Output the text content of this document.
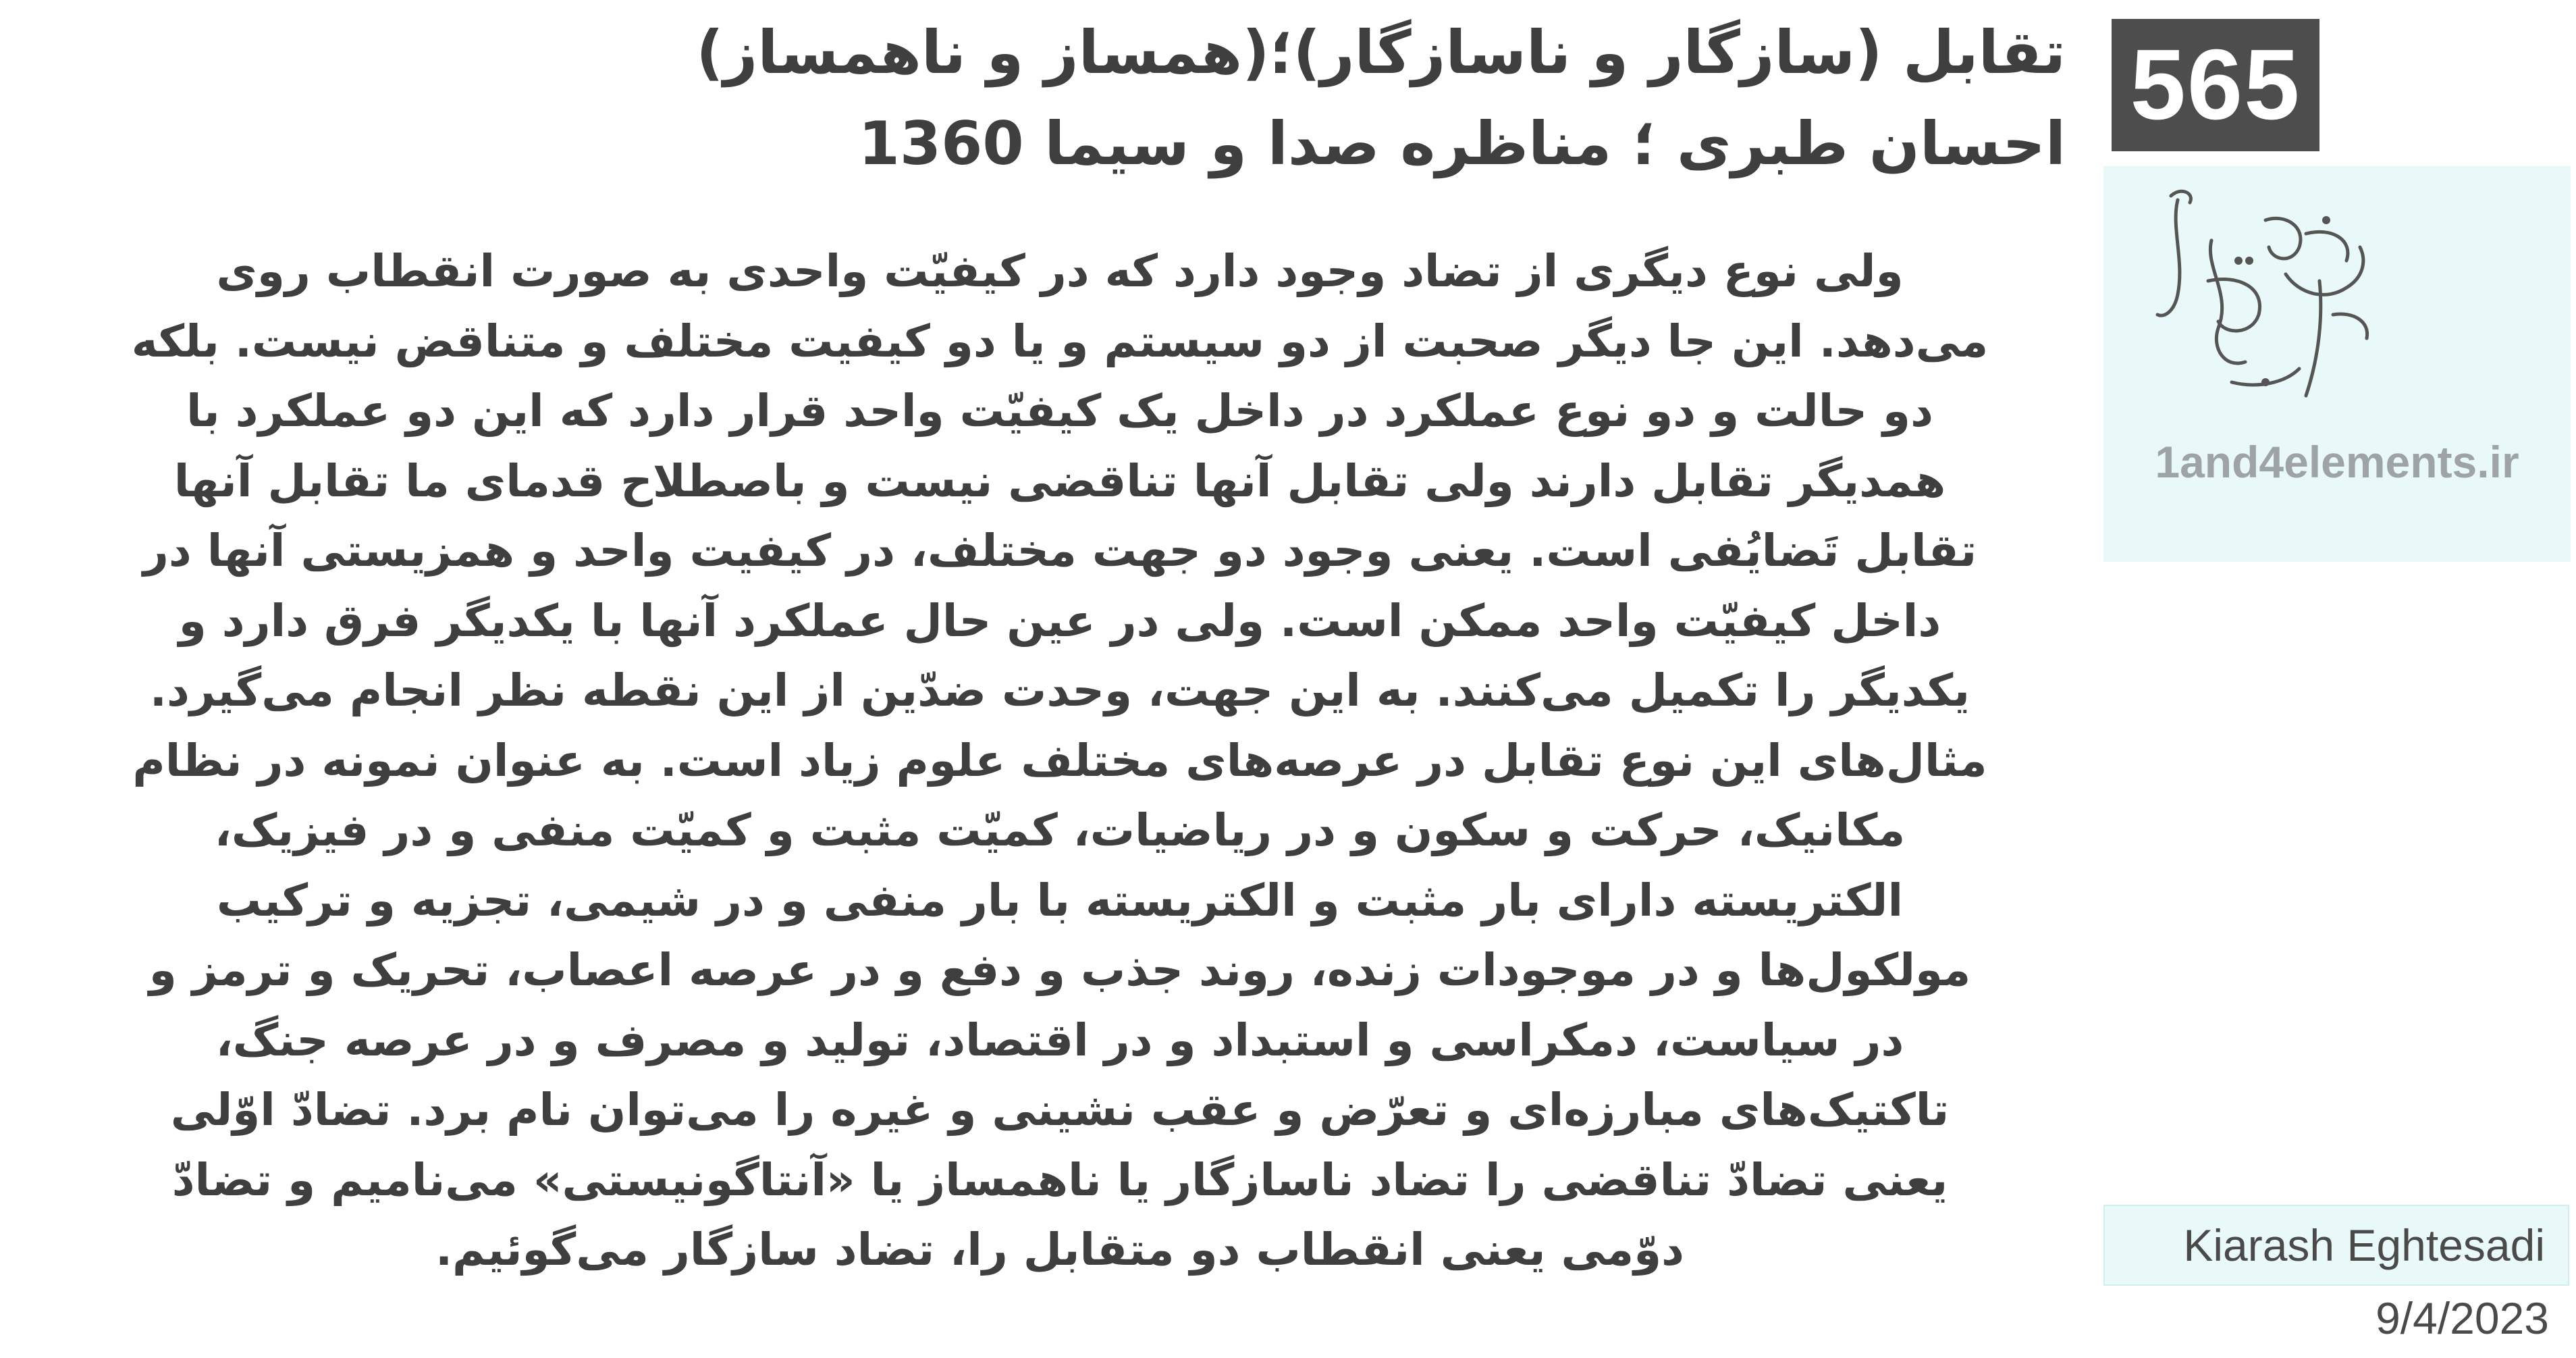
تقابل (سازگار و ناسازگار)؛(همساز و ناهمساز)
احسان طبری ؛ مناظره صدا و سیما 1360
565
1and4elements.ir
ولی نوع دیگری از تضاد وجود دارد که در کیفیّت واحدی به صورت انقطاب روی می‌دهد. این جا دیگر صحبت از دو سیستم و یا دو کیفیت مختلف و متناقض نیست. بلکه دو حالت و دو نوع عملکرد در داخل یک کیفیّت واحد قرار دارد که این دو عملکرد با همدیگر تقابل دارند ولی تقابل آنها تناقضی نیست و باصطلاح قدمای ما تقابل آنها تقابل تَضایُفی است. یعنی وجود دو جهت مختلف، در کیفیت واحد و همزیستی آنها در داخل کیفیّت واحد ممکن است. ولی در عین حال عملکرد آنها با یکدیگر فرق دارد و یکدیگر را تکمیل می‌کنند. به این جهت، وحدت ضدّین از این نقطه نظر انجام می‌گیرد. مثال‌های این نوع تقابل در عرصه‌های مختلف علوم زیاد است. به عنوان نمونه در نظام مکانیک، حرکت و سکون و در ریاضیات، کمیّت مثبت و کمیّت منفی و در فیزیک، الکتریسته دارای بار مثبت و الکتریسته با بار منفی و در شیمی، تجزیه و ترکیب مولکول‌ها و در موجودات زنده، روند جذب و دفع و در عرصه اعصاب، تحریک و ترمز و در سیاست، دمکراسی و استبداد و در اقتصاد، تولید و مصرف و در عرصه جنگ، تاکتیک‌های مبارزه‌ای و تعرّض و عقب نشینی و غیره را می‌توان نام برد. تضادّ اوّلی یعنی تضادّ تناقضی را تضاد ناسازگار یا ناهمساز یا «آنتاگونیستی» می‌نامیم و تضادّ دوّمی یعنی انقطاب دو متقابل را، تضاد سازگار می‌گوئیم.	Kiarash Eghtesadi
9/4/2023
